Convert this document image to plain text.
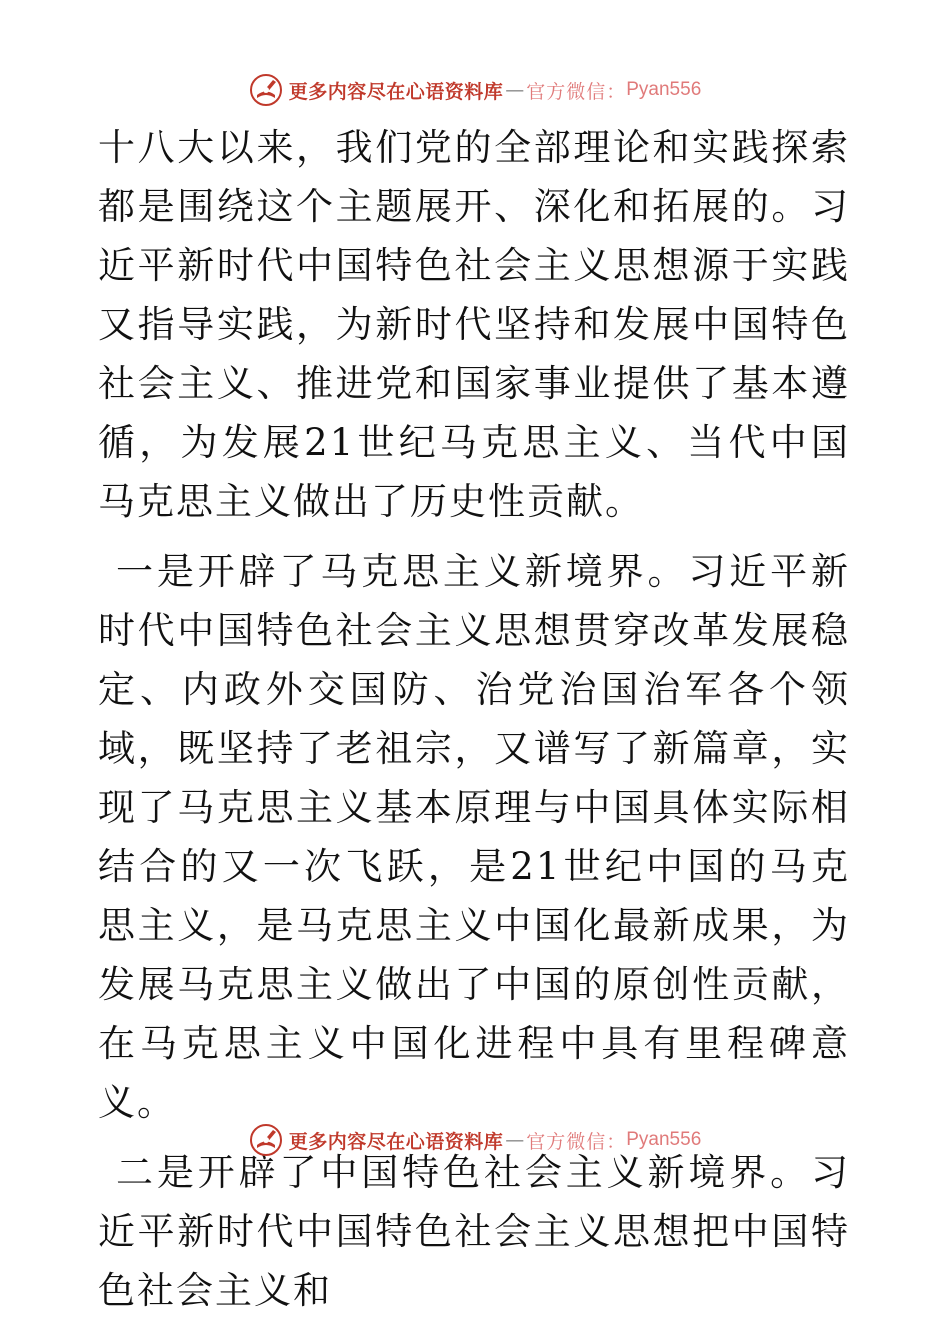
更多内容尽在心语资料库 — 官方微信： Pyan556

十八大以来，我们党的全部理论和实践探索都是围绕这个主题展开、深化和拓展的。习近平新时代中国特色社会主义思想源于实践又指导实践，为新时代坚持和发展中国特色社会主义、推进党和国家事业提供了基本遵循，为发展21世纪马克思主义、当代中国马克思主义做出了历史性贡献。

一是开辟了马克思主义新境界。习近平新时代中国特色社会主义思想贯穿改革发展稳定、内政外交国防、治党治国治军各个领域，既坚持了老祖宗，又谱写了新篇章，实现了马克思主义基本原理与中国具体实际相结合的又一次飞跃，是21世纪中国的马克思主义，是马克思主义中国化最新成果，为发展马克思主义做出了中国的原创性贡献，在马克思主义中国化进程中具有里程碑意义。

二是开辟了中国特色社会主义新境界。习近平新时代中国特色社会主义思想把中国特色社会主义和

更多内容尽在心语资料库 — 官方微信： Pyan556
